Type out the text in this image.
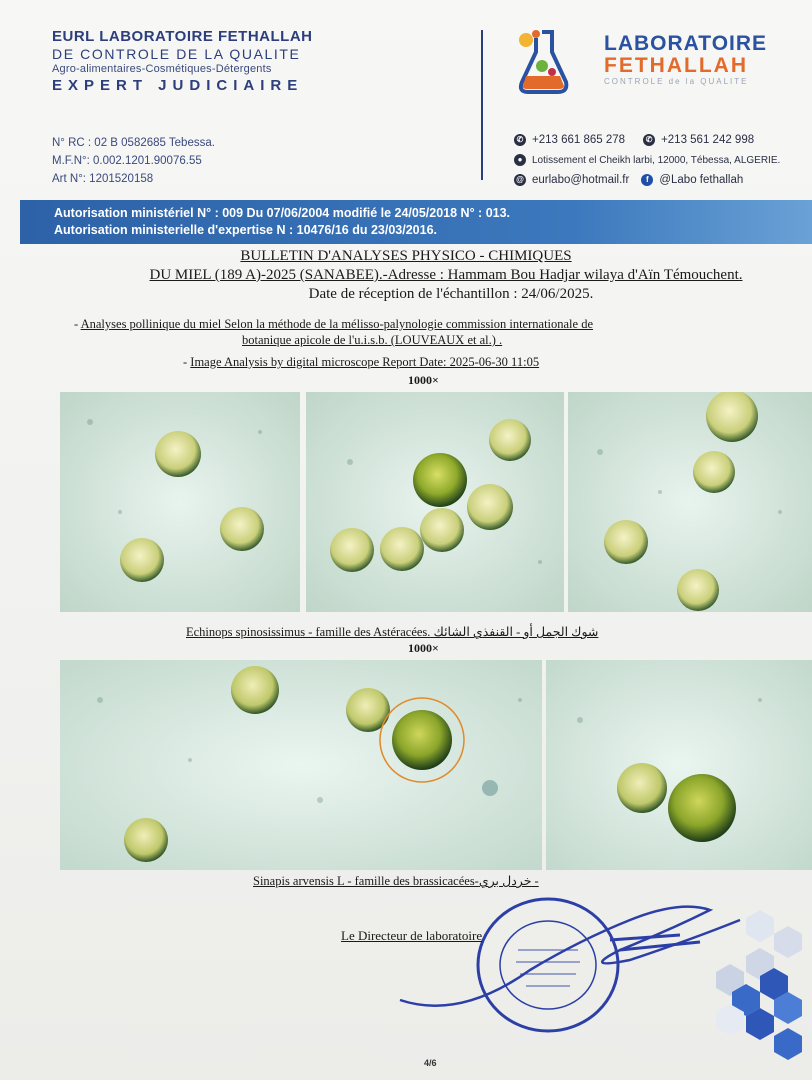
EURL LABORATOIRE FETHALLAH
DE CONTROLE DE LA QUALITE
Agro-alimentaires-Cosmétiques-Détergents
EXPERT JUDICIAIRE
N° RC : 02 B 0582685 Tebessa.
M.F.N°: 0.002.1201.90076.55
Art N°: 1201520158
LABORATOIRE
FETHALLAH
CONTROLE de la QUALITE
✆ +213 661 865 278	✆ +213 561 242 998
● Lotissement el Cheikh larbi, 12000, Tébessa, ALGERIE.
@ eurlabo@hotmail.fr	f @Labo fethallah
Autorisation ministériel N° : 009 Du 07/06/2004 modifié le 24/05/2018 N° : 013.
Autorisation ministerielle d'expertise N : 10476/16 du 23/03/2016.
BULLETIN D'ANALYSES PHYSICO - CHIMIQUES
DU MIEL (189 A)-2025 (SANABEE).-Adresse : Hammam Bou Hadjar wilaya d'Aïn Témouchent.
Date de réception de l'échantillon : 24/06/2025.
- Analyses pollinique du miel Selon la méthode de la mélisso-palynologie commission internationale de
botanique apicole de l'u.i.s.b. (LOUVEAUX et al.) .
- Image Analysis by digital microscope Report Date: 2025-06-30 11:05
1000×
Echinops spinosissimus - famille des Astéracées. شوك الجمل أو - القنفذي الشائك
1000×
Sinapis arvensis L - famille des brassicacées-خردل بري -
Le Directeur de laboratoire
4/6
